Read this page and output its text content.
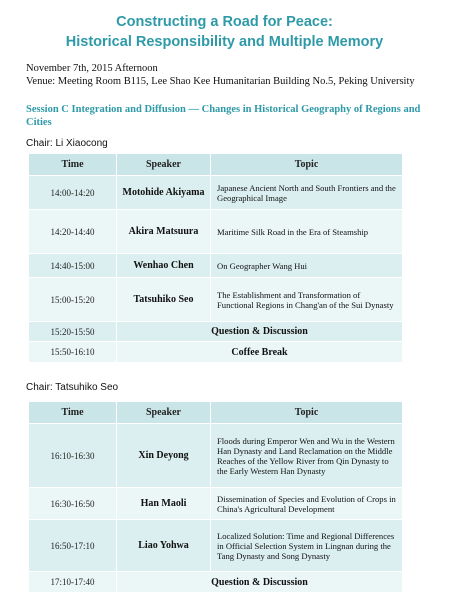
Constructing a Road for Peace:
Historical Responsibility and Multiple Memory
November 7th, 2015 Afternoon
Venue: Meeting Room B115, Lee Shao Kee Humanitarian Building No.5, Peking University
Session C Integration and Diffusion — Changes in Historical Geography of Regions and Cities
Chair: Li Xiaocong
Time	Speaker	Topic
14:00-14:20	Motohide Akiyama	Japanese Ancient North and South Frontiers and the Geographical Image
14:20-14:40	Akira Matsuura	Maritime Silk Road in the Era of Steamship
14:40-15:00	Wenhao Chen	On Geographer Wang Hui
15:00-15:20	Tatsuhiko Seo	The Establishment and Transformation of Functional Regions in Chang'an of the Sui Dynasty
15:20-15:50	Question & Discussion	
15:50-16:10	Coffee Break	
Chair: Tatsuhiko Seo
Time	Speaker	Topic
16:10-16:30	Xin Deyong	Floods during Emperor Wen and Wu in the Western Han Dynasty and Land Reclamation on the Middle Reaches of the Yellow River from Qin Dynasty to the Early Western Han Dynasty
16:30-16:50	Han Maoli	Dissemination of Species and Evolution of Crops in China's Agricultural Development
16:50-17:10	Liao Yohwa	Localized Solution: Time and Regional Differences in Official Selection System in Lingnan during the Tang Dynasty and Song Dynasty
17:10-17:40	Question & Discussion	
